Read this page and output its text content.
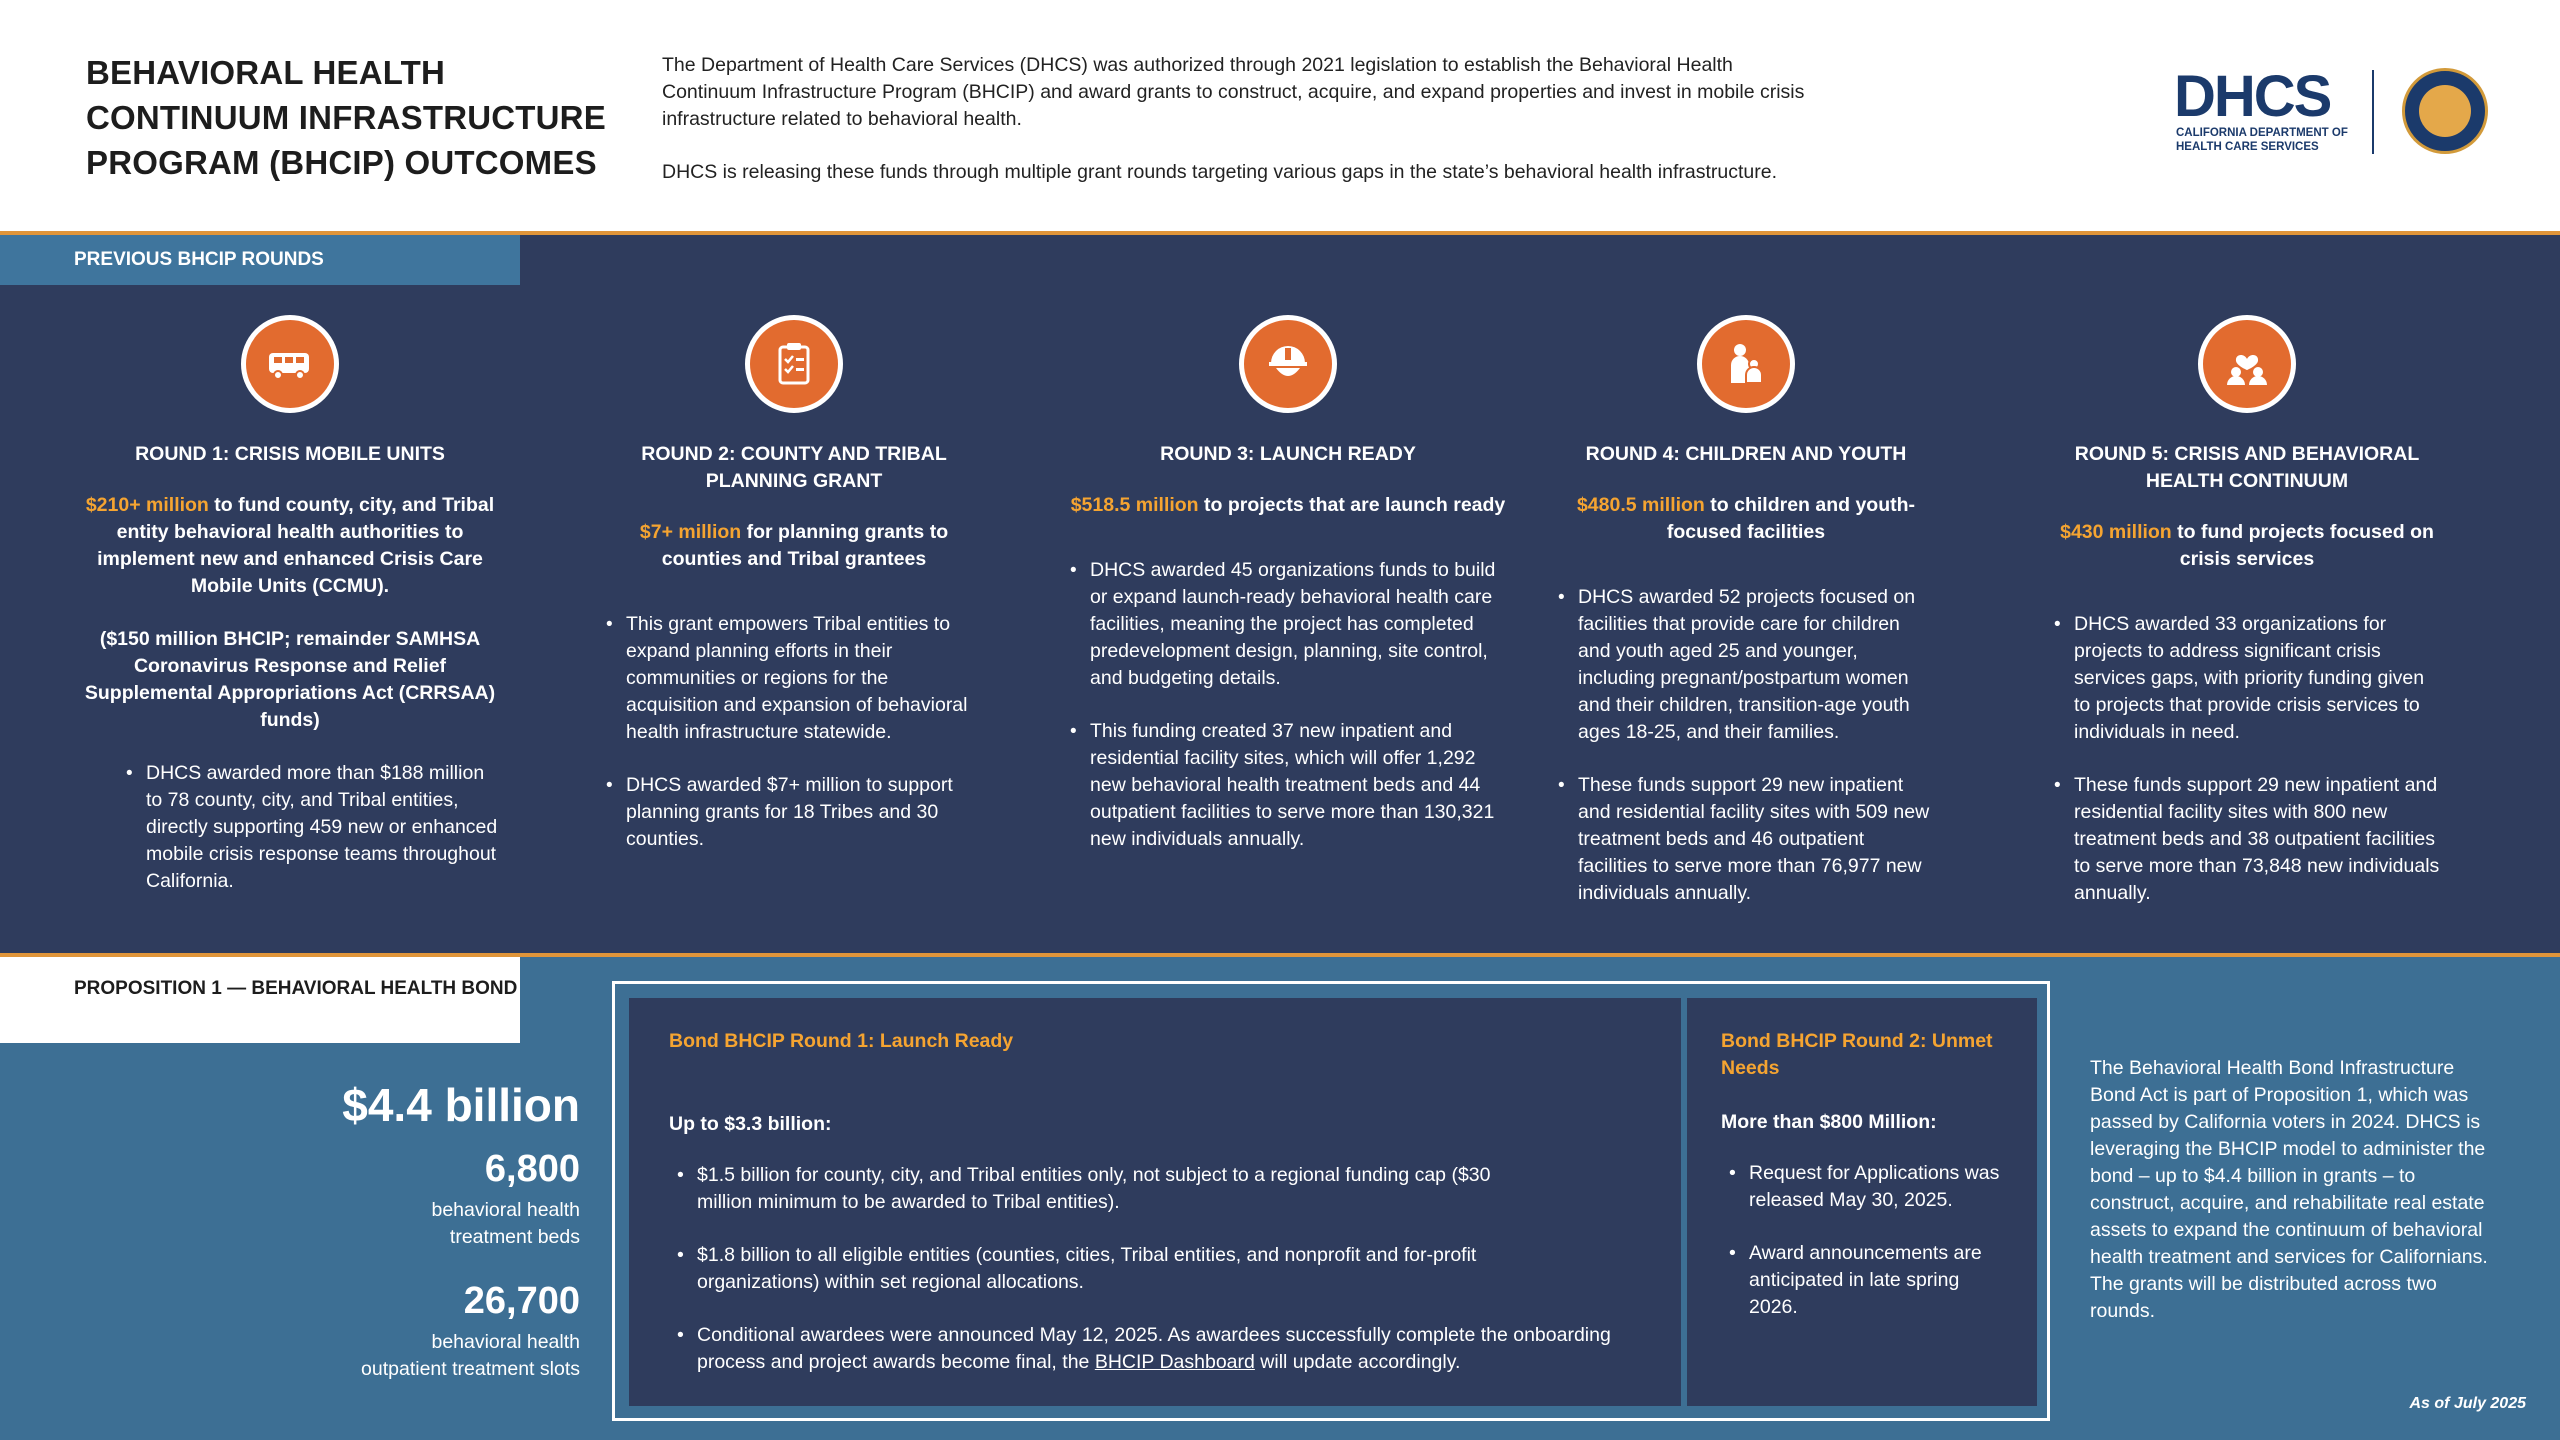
BEHAVIORAL HEALTH CONTINUUM INFRASTRUCTURE PROGRAM (BHCIP) OUTCOMES

The Department of Health Care Services (DHCS) was authorized through 2021 legislation to establish the Behavioral Health Continuum Infrastructure Program (BHCIP) and award grants to construct, acquire, and expand properties and invest in mobile crisis infrastructure related to behavioral health.

DHCS is releasing these funds through multiple grant rounds targeting various gaps in the state’s behavioral health infrastructure.

DHCS
CALIFORNIA DEPARTMENT OF HEALTH CARE SERVICES
PREVIOUS BHCIP ROUNDS
ROUND 1: CRISIS MOBILE UNITS
$210+ million to fund county, city, and Tribal entity behavioral health authorities to implement new and enhanced Crisis Care Mobile Units (CCMU).
($150 million BHCIP; remainder SAMHSA Coronavirus Response and Relief Supplemental Appropriations Act (CRRSAA) funds)
• DHCS awarded more than $188 million to 78 county, city, and Tribal entities, directly supporting 459 new or enhanced mobile crisis response teams throughout California.
ROUND 2: COUNTY AND TRIBAL PLANNING GRANT
$7+ million for planning grants to counties and Tribal grantees
• This grant empowers Tribal entities to expand planning efforts in their communities or regions for the acquisition and expansion of behavioral health infrastructure statewide.
• DHCS awarded $7+ million to support planning grants for 18 Tribes and 30 counties.
ROUND 3: LAUNCH READY
$518.5 million to projects that are launch ready
• DHCS awarded 45 organizations funds to build or expand launch-ready behavioral health care facilities, meaning the project has completed predevelopment design, planning, site control, and budgeting details.
• This funding created 37 new inpatient and residential facility sites, which will offer 1,292 new behavioral health treatment beds and 44 outpatient facilities to serve more than 130,321 new individuals annually.
ROUND 4: CHILDREN AND YOUTH
$480.5 million to children and youth-focused facilities
• DHCS awarded 52 projects focused on facilities that provide care for children and youth aged 25 and younger, including pregnant/postpartum women and their children, transition-age youth ages 18-25, and their families.
• These funds support 29 new inpatient and residential facility sites with 509 new treatment beds and 46 outpatient facilities to serve more than 76,977 new individuals annually.
ROUND 5: CRISIS AND BEHAVIORAL HEALTH CONTINUUM
$430 million to fund projects focused on crisis services
• DHCS awarded 33 organizations for projects to address significant crisis services gaps, with priority funding given to projects that provide crisis services to individuals in need.
• These funds support 29 new inpatient and residential facility sites with 800 new treatment beds and 38 outpatient facilities to serve more than 73,848 new individuals annually.
PROPOSITION 1 — BEHAVIORAL HEALTH BOND
$4.4 billion
6,800
behavioral health treatment beds
26,700
behavioral health outpatient treatment slots
Bond BHCIP Round 1: Launch Ready
Up to $3.3 billion:
• $1.5 billion for county, city, and Tribal entities only, not subject to a regional funding cap ($30 million minimum to be awarded to Tribal entities).
• $1.8 billion to all eligible entities (counties, cities, Tribal entities, and nonprofit and for-profit organizations) within set regional allocations.
• Conditional awardees were announced May 12, 2025. As awardees successfully complete the onboarding process and project awards become final, the BHCIP Dashboard will update accordingly.
Bond BHCIP Round 2: Unmet Needs
More than $800 Million:
• Request for Applications was released May 30, 2025.
• Award announcements are anticipated in late spring 2026.
The Behavioral Health Bond Infrastructure Bond Act is part of Proposition 1, which was passed by California voters in 2024. DHCS is leveraging the BHCIP model to administer the bond – up to $4.4 billion in grants – to construct, acquire, and rehabilitate real estate assets to expand the continuum of behavioral health treatment and services for Californians. The grants will be distributed across two rounds.
As of July 2025
